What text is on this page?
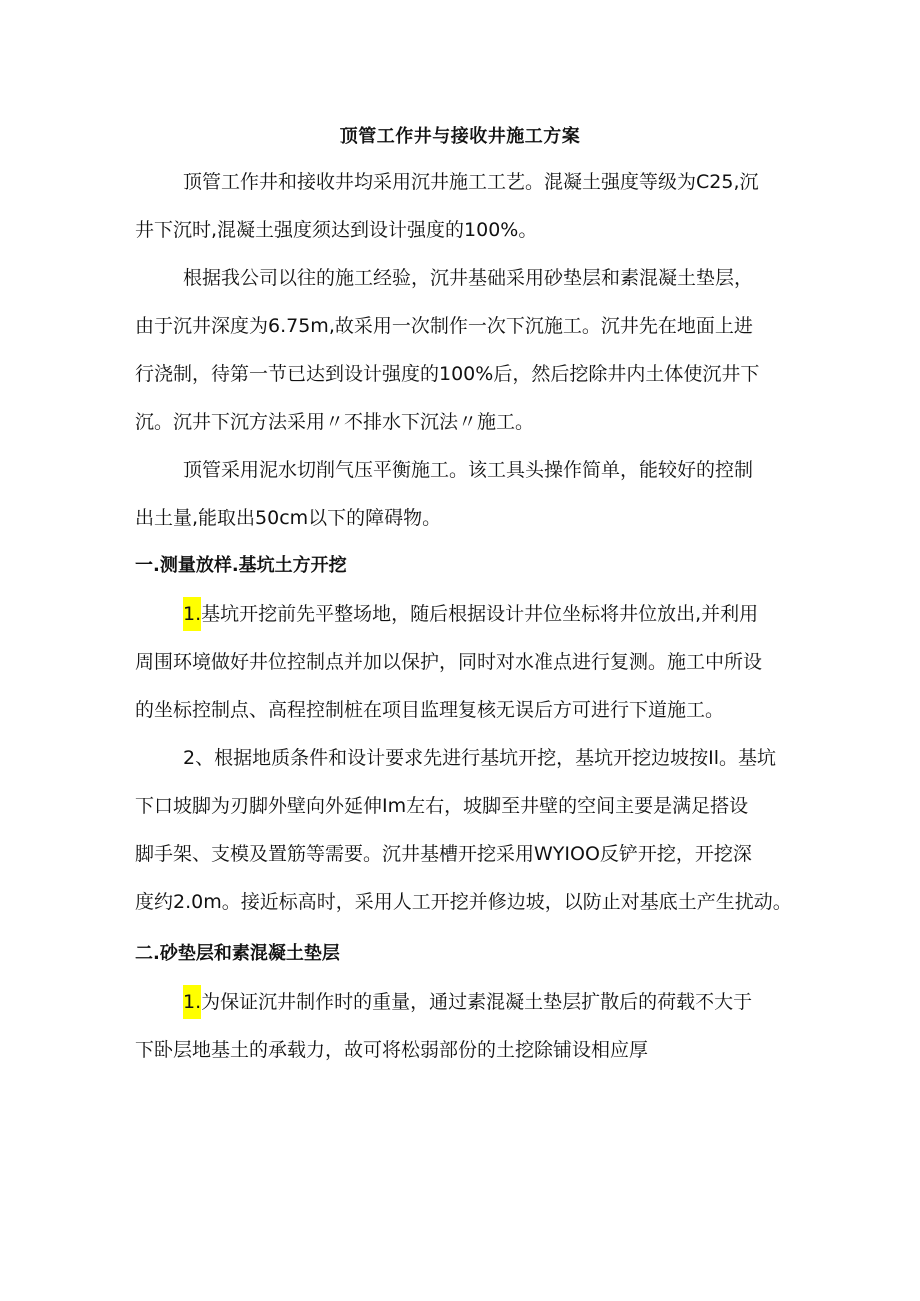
顶管工作井与接收井施工方案
顶管工作井和接收井均采用沉井施工工艺。混凝土强度等级为C25,沉
井下沉时,混凝土强度须达到设计强度的100%。
根据我公司以往的施工经验，沉井基础采用砂垫层和素混凝土垫层，
由于沉井深度为6.75m,故采用一次制作一次下沉施工。沉井先在地面上进
行浇制，待第一节已达到设计强度的100%后，然后挖除井内土体使沉井下
沉。沉井下沉方法采用〃不排水下沉法〃施工。
顶管采用泥水切削气压平衡施工。该工具头操作简单，能较好的控制
出土量,能取出50cm以下的障碍物。
一.测量放样.基坑土方开挖
1.基坑开挖前先平整场地，随后根据设计井位坐标将井位放出,并利用
周围环境做好井位控制点并加以保护，同时对水准点进行复测。施工中所设
的坐标控制点、高程控制桩在项目监理复核无误后方可进行下道施工。
2、根据地质条件和设计要求先进行基坑开挖，基坑开挖边坡按Il。基坑
下口坡脚为刃脚外壁向外延伸Im左右，坡脚至井壁的空间主要是满足搭设
脚手架、支模及置筋等需要。沉井基槽开挖采用WYIOO反铲开挖，开挖深
度约2.0m。接近标高时，采用人工开挖并修边坡，以防止对基底土产生扰动。
二.砂垫层和素混凝土垫层
1.为保证沉井制作时的重量，通过素混凝土垫层扩散后的荷载不大于
下卧层地基土的承载力，故可将松弱部份的土挖除铺设相应厚
